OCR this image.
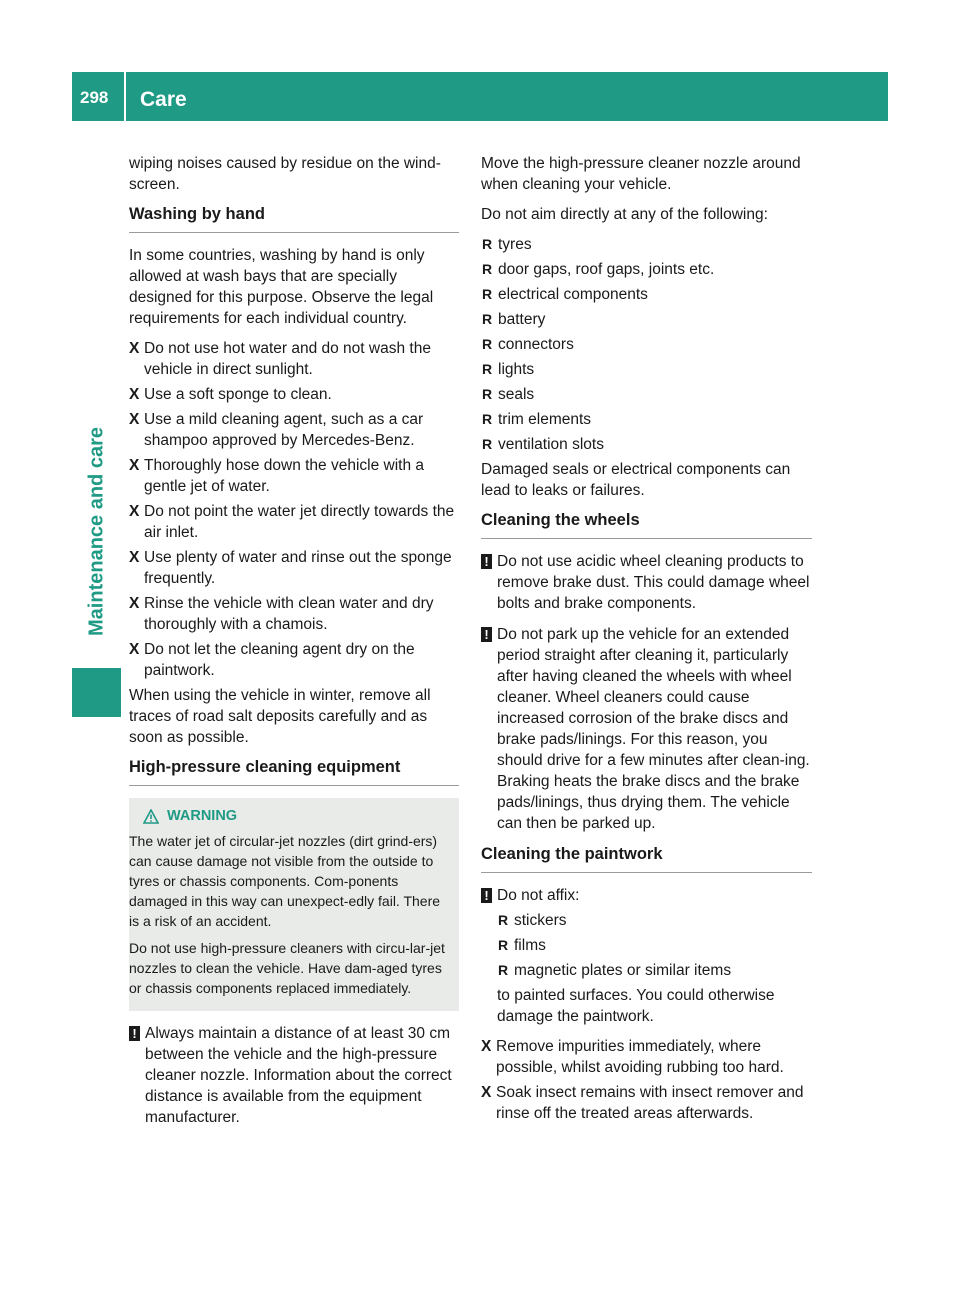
298 Care
Maintenance and care

wiping noises caused by residue on the wind-screen.

Washing by hand

In some countries, washing by hand is only allowed at wash bays that are specially designed for this purpose. Observe the legal requirements for each individual country.

X Do not use hot water and do not wash the vehicle in direct sunlight.
X Use a soft sponge to clean.
X Use a mild cleaning agent, such as a car shampoo approved by Mercedes-Benz.
X Thoroughly hose down the vehicle with a gentle jet of water.
X Do not point the water jet directly towards the air inlet.
X Use plenty of water and rinse out the sponge frequently.
X Rinse the vehicle with clean water and dry thoroughly with a chamois.
X Do not let the cleaning agent dry on the paintwork.

When using the vehicle in winter, remove all traces of road salt deposits carefully and as soon as possible.

High-pressure cleaning equipment
WARNING

The water jet of circular-jet nozzles (dirt grind-ers) can cause damage not visible from the outside to tyres or chassis components. Com-ponents damaged in this way can unexpect-edly fail. There is a risk of an accident.

Do not use high-pressure cleaners with circu-lar-jet nozzles to clean the vehicle. Have dam-aged tyres or chassis components replaced immediately.

! Always maintain a distance of at least 30 cm between the vehicle and the high-pressure cleaner nozzle. Information about the correct distance is available from the equipment manufacturer.

Move the high-pressure cleaner nozzle around when cleaning your vehicle.

Do not aim directly at any of the following:

R tyres
R door gaps, roof gaps, joints etc.
R electrical components
R battery
R connectors
R lights
R seals
R trim elements
R ventilation slots

Damaged seals or electrical components can lead to leaks or failures.

Cleaning the wheels
! Do not use acidic wheel cleaning products to remove brake dust. This could damage wheel bolts and brake components.
! Do not park up the vehicle for an extended period straight after cleaning it, particularly after having cleaned the wheels with wheel cleaner. Wheel cleaners could cause increased corrosion of the brake discs and brake pads/linings. For this reason, you should drive for a few minutes after clean-ing. Braking heats the brake discs and the brake pads/linings, thus drying them. The vehicle can then be parked up.
Cleaning the paintwork
! Do not affix:
R stickers
R films
R magnetic plates or similar items

to painted surfaces. You could otherwise damage the paintwork.

X Remove impurities immediately, where possible, whilst avoiding rubbing too hard.
X Soak insect remains with insect remover and rinse off the treated areas afterwards.
